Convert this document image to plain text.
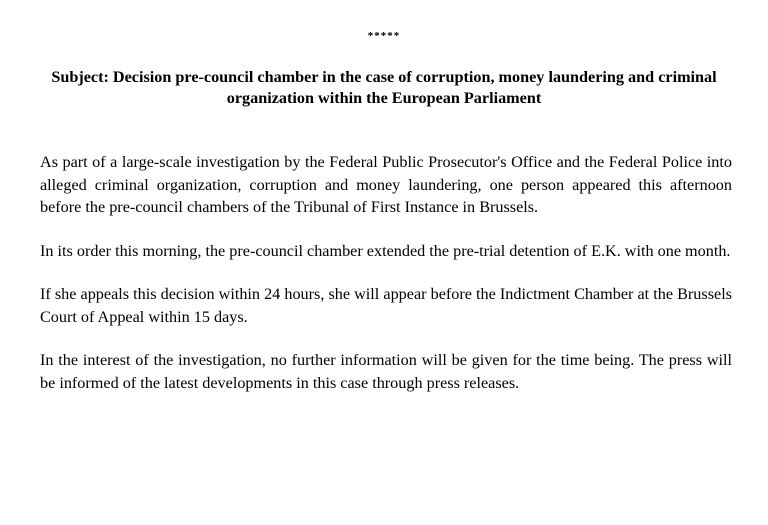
*****
Subject: Decision pre-council chamber in the case of corruption, money laundering and criminal organization within the European Parliament

As part of a large-scale investigation by the Federal Public Prosecutor's Office and the Federal Police into alleged criminal organization, corruption and money laundering, one person appeared this afternoon before the pre-council chambers of the Tribunal of First Instance in Brussels.

In its order this morning, the pre-council chamber extended the pre-trial detention of E.K. with one month.

If she appeals this decision within 24 hours, she will appear before the Indictment Chamber at the Brussels Court of Appeal within 15 days.

In the interest of the investigation, no further information will be given for the time being. The press will be informed of the latest developments in this case through press releases.
